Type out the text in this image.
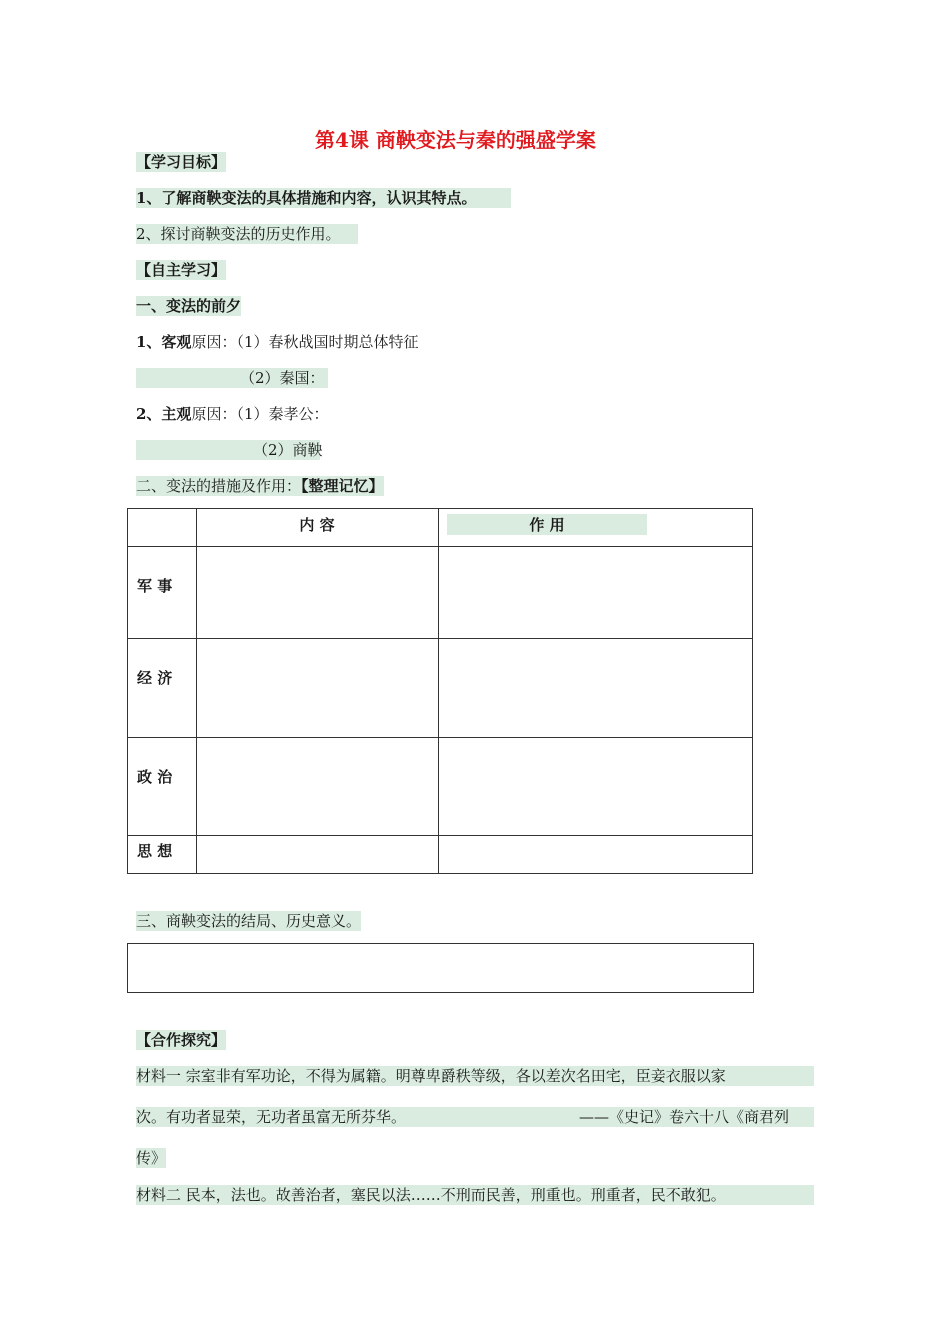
第4课 商鞅变法与秦的强盛学案
【学习目标】
1、了解商鞅变法的具体措施和内容，认识其特点。
2、探讨商鞅变法的历史作用。
【自主学习】
一、变法的前夕
1、客观原因：（1）春秋战国时期总体特征
（2）秦国：
2、主观原因：（1）秦孝公：
（2）商鞅
二、变法的措施及作用：【整理记忆】

	内 容	作 用

军 事		
经 济		
政 治		
思 想		
三、商鞅变法的结局、历史意义。
【合作探究】
材料一 宗室非有军功论，不得为属籍。明尊卑爵秩等级，各以差次名田宅，臣妾衣服以家
次。有功者显荣，无功者虽富无所芬华。	——《史记》卷六十八《商君列
传》
材料二 民本，法也。故善治者，塞民以法……不刑而民善，刑重也。刑重者，民不敢犯。
